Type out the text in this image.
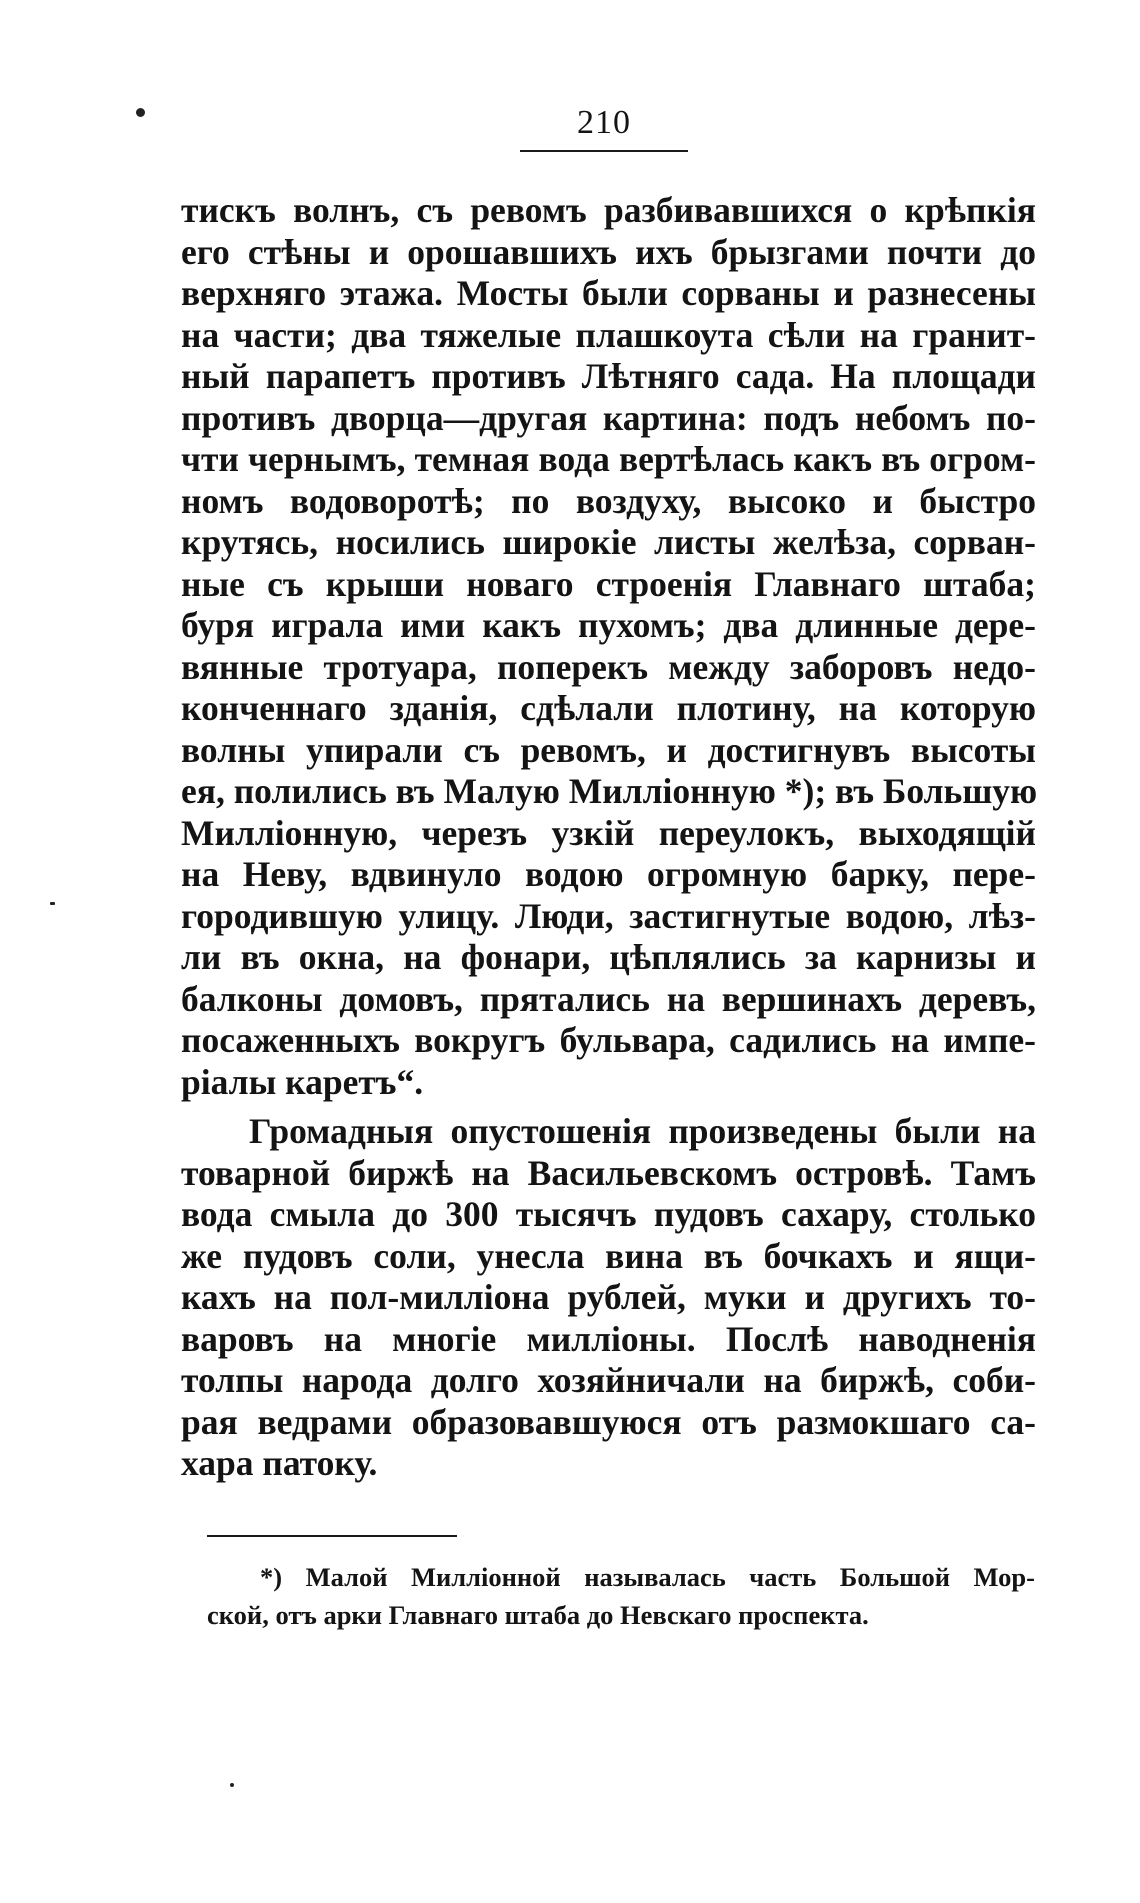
210
тискъ волнъ, съ ревомъ разбивавшихся о крѣпкія
его стѣны и орошавшихъ ихъ брызгами почти до
верхняго этажа. Мосты были сорваны и разнесены
на части; два тяжелые плашкоута сѣли на гранит-
ный парапетъ противъ Лѣтняго сада. На площади
противъ дворца—другая картина: подъ небомъ по-
чти чернымъ, темная вода вертѣлась какъ въ огром-
номъ водоворотѣ; по воздуху, высоко и быстро
крутясь, носились широкіе листы желѣза, сорван-
ные съ крыши новаго строенія Главнаго штаба;
буря играла ими какъ пухомъ; два длинные дере-
вянные тротуара, поперекъ между заборовъ недо-
конченнаго зданія, сдѣлали плотину, на которую
волны упирали съ ревомъ, и достигнувъ высоты
ея, полились въ Малую Милліонную *); въ Большую
Милліонную, черезъ узкій переулокъ, выходящій
на Неву, вдвинуло водою огромную барку, пере-
городившую улицу. Люди, застигнутые водою, лѣз-
ли въ окна, на фонари, цѣплялись за карнизы и
балконы домовъ, прятались на вершинахъ деревъ,
посаженныхъ вокругъ бульвара, садились на импе-
ріалы каретъ“.
Громадныя опустошенія произведены были на
товарной биржѣ на Васильевскомъ островѣ. Тамъ
вода смыла до 300 тысячъ пудовъ сахару, столько
же пудовъ соли, унесла вина въ бочкахъ и ящи-
кахъ на пол-милліона рублей, муки и другихъ то-
варовъ на многіе милліоны. Послѣ наводненія
толпы народа долго хозяйничали на биржѣ, соби-
рая ведрами образовавшуюся отъ размокшаго са-
хара патоку.
*) Малой Милліонной называлась часть Большой Мор-
ской, отъ арки Главнаго штаба до Невскаго проспекта.
